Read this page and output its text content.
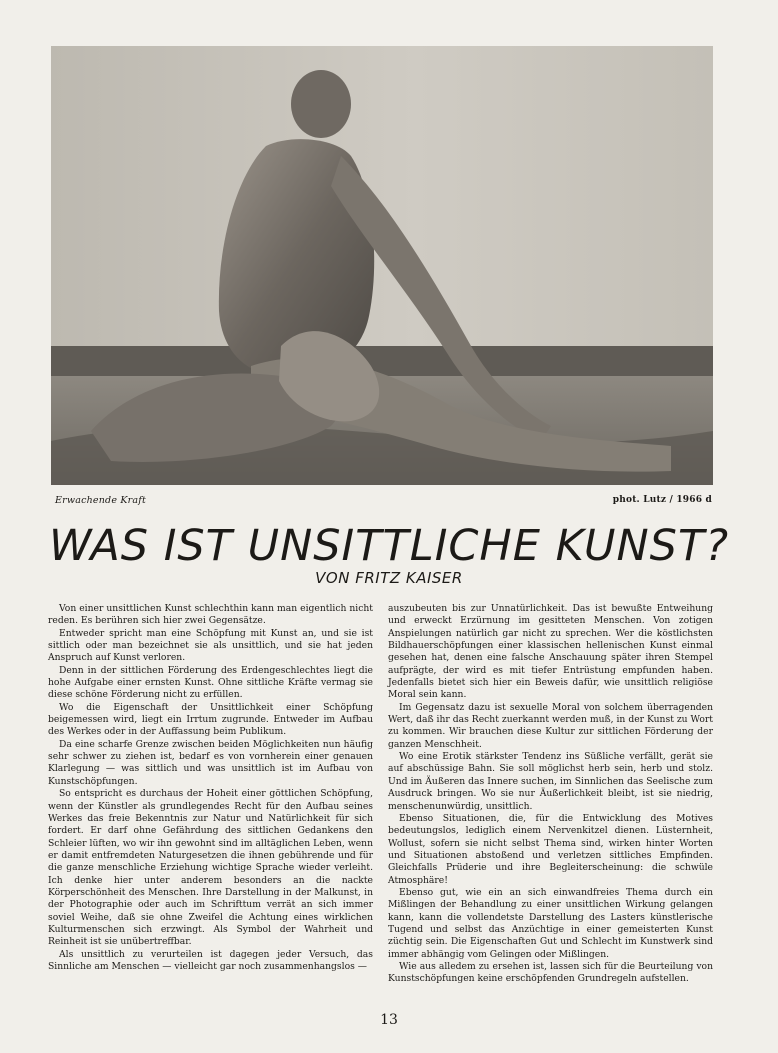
Erwachende Kraft	phot. Lutz / 1966 d
WAS IST UNSITTLICHE KUNST?
VON FRITZ KAISER

Von einer unsittlichen Kunst schlechthin kann man eigentlich nicht reden. Es berühren sich hier zwei Gegensätze.

Entweder spricht man eine Schöpfung mit Kunst an, und sie ist sittlich oder man bezeichnet sie als unsittlich, und sie hat jeden Anspruch auf Kunst verloren.

Denn in der sittlichen Förderung des Erdengeschlechtes liegt die hohe Aufgabe einer ernsten Kunst. Ohne sittliche Kräfte vermag sie diese schöne Förderung nicht zu erfüllen.

Wo die Eigenschaft der Unsittlichkeit einer Schöpfung beigemessen wird, liegt ein Irrtum zugrunde. Entweder im Aufbau des Werkes oder in der Auffassung beim Publikum.

Da eine scharfe Grenze zwischen beiden Möglichkeiten nun häufig sehr schwer zu ziehen ist, bedarf es von vornherein einer genauen Klarlegung — was sittlich und was unsittlich ist im Aufbau von Kunstschöpfungen.

So entspricht es durchaus der Hoheit einer göttlichen Schöpfung, wenn der Künstler als grundlegendes Recht für den Aufbau seines Werkes das freie Bekenntnis zur Natur und Natürlichkeit für sich fordert. Er darf ohne Gefährdung des sittlichen Gedankens den Schleier lüften, wo wir ihn gewohnt sind im alltäglichen Leben, wenn er damit entfremdeten Naturgesetzen die ihnen gebührende und für die ganze menschliche Erziehung wichtige Sprache wieder verleiht. Ich denke hier unter anderem besonders an die nackte Körperschönheit des Menschen. Ihre Darstellung in der Malkunst, in der Photographie oder auch im Schrifttum verrät an sich immer soviel Weihe, daß sie ohne Zweifel die Achtung eines wirklichen Kulturmenschen sich erzwingt. Als Symbol der Wahrheit und Reinheit ist sie unübertreffbar.

Als unsittlich zu verurteilen ist dagegen jeder Versuch, das Sinnliche am Menschen — vielleicht gar noch zusammenhangslos —

auszubeuten bis zur Unnatürlichkeit. Das ist bewußte Entweihung und erweckt Erzürnung im gesitteten Menschen. Von zotigen Anspielungen natürlich gar nicht zu sprechen. Wer die köstlichsten Bildhauerschöpfungen einer klassischen hellenischen Kunst einmal gesehen hat, denen eine falsche Anschauung später ihren Stempel aufprägte, der wird es mit tiefer Entrüstung empfunden haben. Jedenfalls bietet sich hier ein Beweis dafür, wie unsittlich religiöse Moral sein kann.

Im Gegensatz dazu ist sexuelle Moral von solchem überragenden Wert, daß ihr das Recht zuerkannt werden muß, in der Kunst zu Wort zu kommen. Wir brauchen diese Kultur zur sittlichen Förderung der ganzen Menschheit.

Wo eine Erotik stärkster Tendenz ins Süßliche verfällt, gerät sie auf abschüssige Bahn. Sie soll möglichst herb sein, herb und stolz. Und im Äußeren das Innere suchen, im Sinnlichen das Seelische zum Ausdruck bringen. Wo sie nur Äußerlichkeit bleibt, ist sie niedrig, menschenunwürdig, unsittlich.

Ebenso Situationen, die, für die Entwicklung des Motives bedeutungslos, lediglich einem Nervenkitzel dienen. Lüsternheit, Wollust, sofern sie nicht selbst Thema sind, wirken hinter Worten und Situationen abstoßend und verletzen sittliches Empfinden. Gleichfalls Prüderie und ihre Begleiterscheinung: die schwüle Atmosphäre!

Ebenso gut, wie ein an sich einwandfreies Thema durch ein Mißlingen der Behandlung zu einer unsittlichen Wirkung gelangen kann, kann die vollendetste Darstellung des Lasters künstlerische Tugend und selbst das Anzüchtige in einer gemeisterten Kunst züchtig sein. Die Eigenschaften Gut und Schlecht im Kunstwerk sind immer abhängig vom Gelingen oder Mißlingen.

Wie aus alledem zu ersehen ist, lassen sich für die Beurteilung von Kunstschöpfungen keine erschöpfenden Grundregeln aufstellen.

13
